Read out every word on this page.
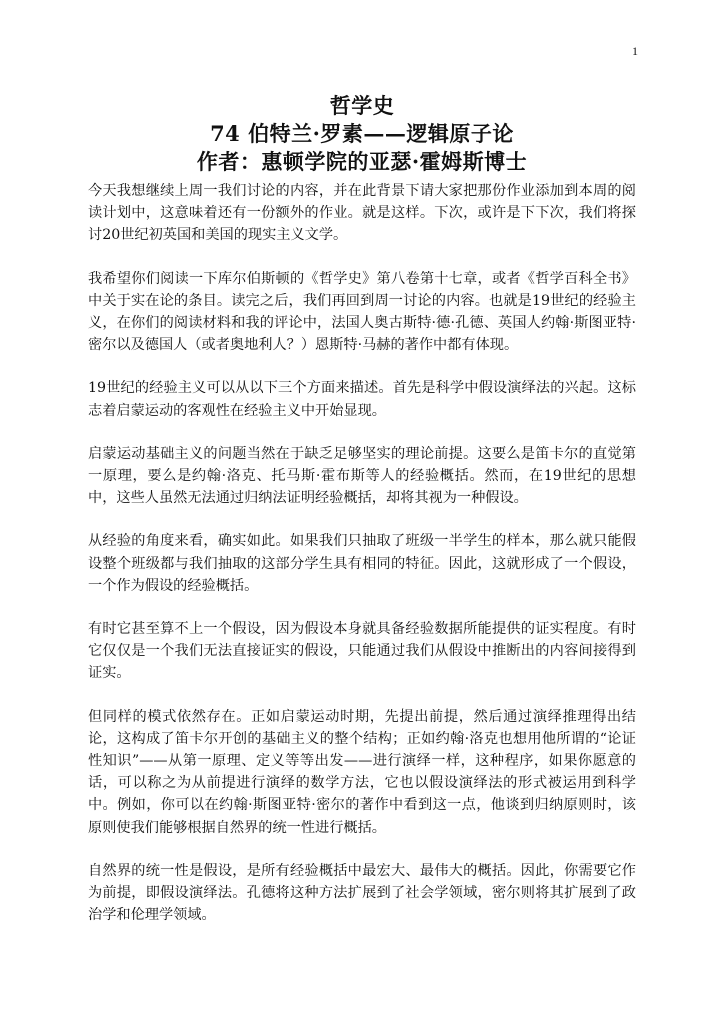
1
哲学史
74 伯特兰·罗素——逻辑原子论
作者：惠顿学院的亚瑟·霍姆斯博士

今天我想继续上周一我们讨论的内容，并在此背景下请大家把那份作业添加到本周的阅读计划中，这意味着还有一份额外的作业。就是这样。下次，或许是下下次，我们将探讨20世纪初英国和美国的现实主义文学。

我希望你们阅读一下库尔伯斯顿的《哲学史》第八卷第十七章，或者《哲学百科全书》中关于实在论的条目。读完之后，我们再回到周一讨论的内容。也就是19世纪的经验主义，在你们的阅读材料和我的评论中，法国人奥古斯特·德·孔德、英国人约翰·斯图亚特·密尔以及德国人（或者奥地利人？）恩斯特·马赫的著作中都有体现。

19世纪的经验主义可以从以下三个方面来描述。首先是科学中假设演绎法的兴起。这标志着启蒙运动的客观性在经验主义中开始显现。

启蒙运动基础主义的问题当然在于缺乏足够坚实的理论前提。这要么是笛卡尔的直觉第一原理，要么是约翰·洛克、托马斯·霍布斯等人的经验概括。然而，在19世纪的思想中，这些人虽然无法通过归纳法证明经验概括，却将其视为一种假设。

从经验的角度来看，确实如此。如果我们只抽取了班级一半学生的样本，那么就只能假设整个班级都与我们抽取的这部分学生具有相同的特征。因此，这就形成了一个假设，一个作为假设的经验概括。

有时它甚至算不上一个假设，因为假设本身就具备经验数据所能提供的证实程度。有时它仅仅是一个我们无法直接证实的假设，只能通过我们从假设中推断出的内容间接得到证实。

但同样的模式依然存在。正如启蒙运动时期，先提出前提，然后通过演绎推理得出结论，这构成了笛卡尔开创的基础主义的整个结构；正如约翰·洛克也想用他所谓的“论证性知识”——从第一原理、定义等等出发——进行演绎一样，这种程序，如果你愿意的话，可以称之为从前提进行演绎的数学方法，它也以假设演绎法的形式被运用到科学中。例如，你可以在约翰·斯图亚特·密尔的著作中看到这一点，他谈到归纳原则时，该原则使我们能够根据自然界的统一性进行概括。

自然界的统一性是假设，是所有经验概括中最宏大、最伟大的概括。因此，你需要它作为前提，即假设演绎法。孔德将这种方法扩展到了社会学领域，密尔则将其扩展到了政治学和伦理学领域。
